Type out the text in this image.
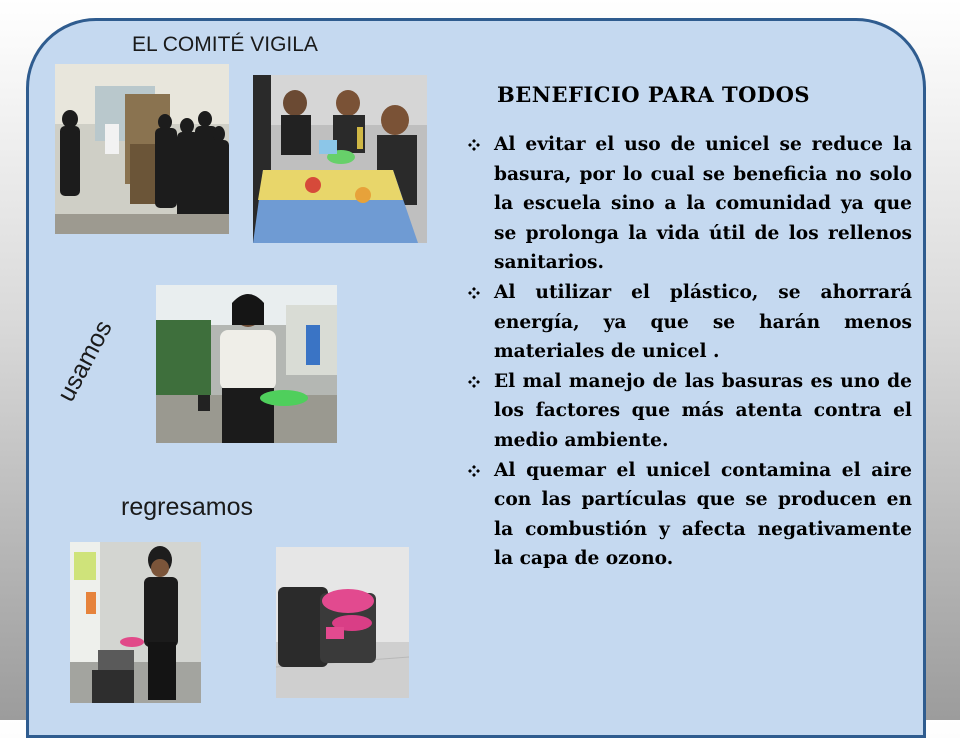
EL COMITÉ VIGILA
usamos
regresamos
BENEFICIO PARA TODOS
Al evitar el uso de unicel se reduce la basura, por lo cual se beneficia no solo la escuela sino a la comunidad ya que se prolonga la vida útil de los rellenos sanitarios.
Al utilizar el plástico, se ahorrará energía, ya que se harán menos materiales de unicel .
El mal manejo de las basuras es uno de los factores que más atenta contra el medio ambiente.
Al quemar el unicel contamina el aire con las partículas que se producen en la combustión y afecta negativamente la capa de ozono.
